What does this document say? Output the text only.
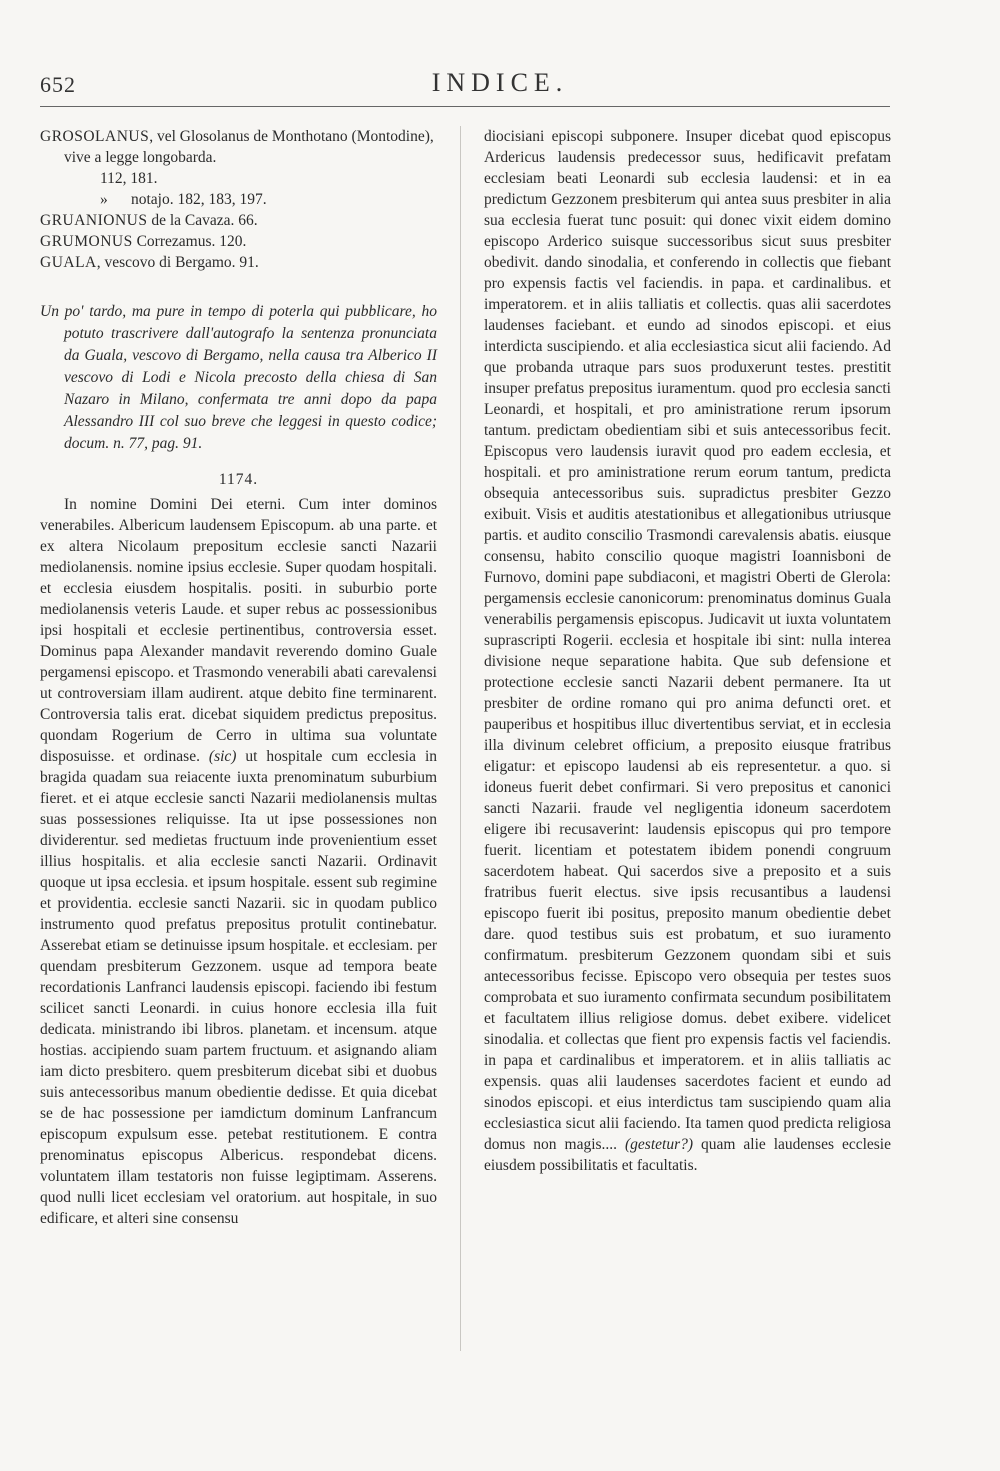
652	INDICE.

GROSOLANUS, vel Glosolanus de Monthotano (Montodine), vive a legge longobarda.

112, 181.

» notajo. 182, 183, 197.

GRUANIONUS de la Cavaza. 66.

GRUMONUS Correzamus. 120.

GUALA, vescovo di Bergamo. 91.

Un po' tardo, ma pure in tempo di poterla qui pubblicare, ho potuto trascrivere dall'autografo la sentenza pronunciata da Guala, vescovo di Bergamo, nella causa tra Alberico II vescovo di Lodi e Nicola precosto della chiesa di San Nazaro in Milano, confermata tre anni dopo da papa Alessandro III col suo breve che leggesi in questo codice; docum. n. 77, pag. 91.

1174.

In nomine Domini Dei eterni. Cum inter dominos venerabiles. Albericum laudensem Episcopum. ab una parte. et ex altera Nicolaum prepositum ecclesie sancti Nazarii mediolanensis. nomine ipsius ecclesie. Super quodam hospitali. et ecclesia eiusdem hospitalis. positi. in suburbio porte mediolanensis veteris Laude. et super rebus ac possessionibus ipsi hospitali et ecclesie pertinentibus, controversia esset. Dominus papa Alexander mandavit reverendo domino Guale pergamensi episcopo. et Trasmondo venerabili abati carevalensi ut controversiam illam audirent. atque debito fine terminarent. Controversia talis erat. dicebat siquidem predictus prepositus. quondam Rogerium de Cerro in ultima sua voluntate disposuisse. et ordinase. (sic) ut hospitale cum ecclesia in bragida quadam sua reiacente iuxta prenominatum suburbium fieret. et ei atque ecclesie sancti Nazarii mediolanensis multas suas possessiones reliquisse. Ita ut ipse possessiones non dividerentur. sed medietas fructuum inde provenientium esset illius hospitalis. et alia ecclesie sancti Nazarii. Ordinavit quoque ut ipsa ecclesia. et ipsum hospitale. essent sub regimine et providentia. ecclesie sancti Nazarii. sic in quodam publico instrumento quod prefatus prepositus protulit continebatur. Asserebat etiam se detinuisse ipsum hospitale. et ecclesiam. per quendam presbiterum Gezzonem. usque ad tempora beate recordationis Lanfranci laudensis episcopi. faciendo ibi festum scilicet sancti Leonardi. in cuius honore ecclesia illa fuit dedicata. ministrando ibi libros. planetam. et incensum. atque hostias. accipiendo suam partem fructuum. et asignando aliam iam dicto presbitero. quem presbiterum dicebat sibi et duobus suis antecessoribus manum obedientie dedisse. Et quia dicebat se de hac possessione per iamdictum dominum Lanfrancum episcopum expulsum esse. petebat restitutionem. E contra prenominatus episcopus Albericus. respondebat dicens. voluntatem illam testatoris non fuisse legiptimam. Asserens. quod nulli licet ecclesiam vel oratorium. aut hospitale, in suo edificare, et alteri sine consensu

diocisiani episcopi subponere. Insuper dicebat quod episcopus Ardericus laudensis predecessor suus, hedificavit prefatam ecclesiam beati Leonardi sub ecclesia laudensi: et in ea predictum Gezzonem presbiterum qui antea suus presbiter in alia sua ecclesia fuerat tunc posuit: qui donec vixit eidem domino episcopo Arderico suisque successoribus sicut suus presbiter obedivit. dando sinodalia, et conferendo in collectis que fiebant pro expensis factis vel faciendis. in papa. et cardinalibus. et imperatorem. et in aliis talliatis et collectis. quas alii sacerdotes laudenses faciebant. et eundo ad sinodos episcopi. et eius interdicta suscipiendo. et alia ecclesiastica sicut alii faciendo. Ad que probanda utraque pars suos produxerunt testes. prestitit insuper prefatus prepositus iuramentum. quod pro ecclesia sancti Leonardi, et hospitali, et pro aministratione rerum ipsorum tantum. predictam obedientiam sibi et suis antecessoribus fecit. Episcopus vero laudensis iuravit quod pro eadem ecclesia, et hospitali. et pro aministratione rerum eorum tantum, predicta obsequia antecessoribus suis. supradictus presbiter Gezzo exibuit. Visis et auditis atestationibus et allegationibus utriusque partis. et audito conscilio Trasmondi carevalensis abatis. eiusque consensu, habito conscilio quoque magistri Ioannisboni de Furnovo, domini pape subdiaconi, et magistri Oberti de Glerola: pergamensis ecclesie canonicorum: prenominatus dominus Guala venerabilis pergamensis episcopus. Judicavit ut iuxta voluntatem suprascripti Rogerii. ecclesia et hospitale ibi sint: nulla interea divisione neque separatione habita. Que sub defensione et protectione ecclesie sancti Nazarii debent permanere. Ita ut presbiter de ordine romano qui pro anima defuncti oret. et pauperibus et hospitibus illuc divertentibus serviat, et in ecclesia illa divinum celebret officium, a preposito eiusque fratribus eligatur: et episcopo laudensi ab eis representetur. a quo. si idoneus fuerit debet confirmari. Si vero prepositus et canonici sancti Nazarii. fraude vel negligentia idoneum sacerdotem eligere ibi recusaverint: laudensis episcopus qui pro tempore fuerit. licentiam et potestatem ibidem ponendi congruum sacerdotem habeat. Qui sacerdos sive a preposito et a suis fratribus fuerit electus. sive ipsis recusantibus a laudensi episcopo fuerit ibi positus, preposito manum obedientie debet dare. quod testibus suis est probatum, et suo iuramento confirmatum. presbiterum Gezzonem quondam sibi et suis antecessoribus fecisse. Episcopo vero obsequia per testes suos comprobata et suo iuramento confirmata secundum posibilitatem et facultatem illius religiose domus. debet exibere. videlicet sinodalia. et collectas que fient pro expensis factis vel faciendis. in papa et cardinalibus et imperatorem. et in aliis talliatis ac expensis. quas alii laudenses sacerdotes facient et eundo ad sinodos episcopi. et eius interdictus tam suscipiendo quam alia ecclesiastica sicut alii faciendo. Ita tamen quod predicta religiosa domus non magis.... (gestetur?) quam alie laudenses ecclesie eiusdem possibilitatis et facultatis.
